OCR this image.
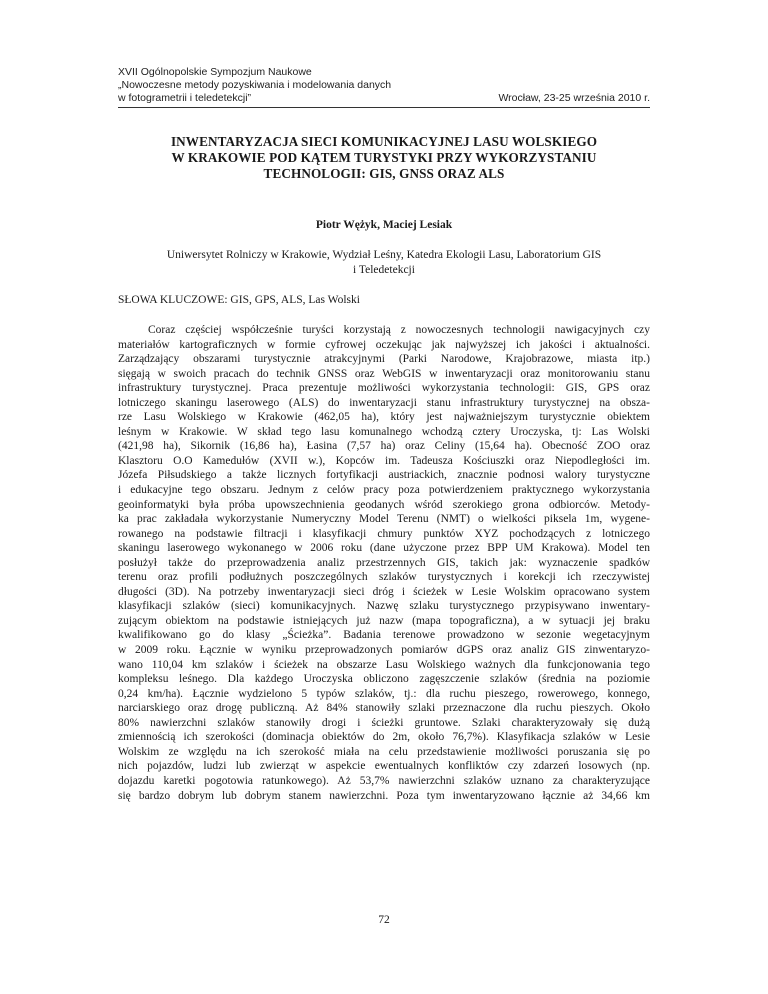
XVII Ogólnopolskie Sympozjum Naukowe
„Nowoczesne metody pozyskiwania i modelowania danych
w fotogrametrii i teledetekcji”	Wrocław, 23-25 września 2010 r.
INWENTARYZACJA SIECI KOMUNIKACYJNEJ LASU WOLSKIEGO
W KRAKOWIE POD KĄTEM TURYSTYKI PRZY WYKORZYSTANIU
TECHNOLOGII: GIS, GNSS ORAZ ALS
Piotr Wężyk, Maciej Lesiak
Uniwersytet Rolniczy w Krakowie, Wydział Leśny, Katedra Ekologii Lasu, Laboratorium GIS
i Teledetekcji
SŁOWA KLUCZOWE: GIS, GPS, ALS, Las Wolski
Coraz częściej współcześnie turyści korzystają z nowoczesnych technologii nawigacyjnych czy
materiałów kartograficznych w formie cyfrowej oczekując jak najwyższej ich jakości i aktualności.
Zarządzający obszarami turystycznie atrakcyjnymi (Parki Narodowe, Krajobrazowe, miasta itp.)
sięgają w swoich pracach do technik GNSS oraz WebGIS w inwentaryzacji oraz monitorowaniu stanu
infrastruktury turystycznej. Praca prezentuje możliwości wykorzystania technologii: GIS, GPS oraz
lotniczego skaningu laserowego (ALS) do inwentaryzacji stanu infrastruktury turystycznej na obsza-
rze Lasu Wolskiego w Krakowie (462,05 ha), który jest najważniejszym turystycznie obiektem
leśnym w Krakowie. W skład tego lasu komunalnego wchodzą cztery Uroczyska, tj: Las Wolski
(421,98 ha), Sikornik (16,86 ha), Łasina (7,57 ha) oraz Celiny (15,64 ha). Obecność ZOO oraz
Klasztoru O.O Kamedułów (XVII w.), Kopców im. Tadeusza Kościuszki oraz Niepodległości im.
Józefa Piłsudskiego a także licznych fortyfikacji austriackich, znacznie podnosi walory turystyczne
i edukacyjne tego obszaru. Jednym z celów pracy poza potwierdzeniem praktycznego wykorzystania
geoinformatyki była próba upowszechnienia geodanych wśród szerokiego grona odbiorców. Metody-
ka prac zakładała wykorzystanie Numeryczny Model Terenu (NMT) o wielkości piksela 1m, wygene-
rowanego na podstawie filtracji i klasyfikacji chmury punktów XYZ pochodzących z lotniczego
skaningu laserowego wykonanego w 2006 roku (dane użyczone przez BPP UM Krakowa). Model ten
posłużył także do przeprowadzenia analiz przestrzennych GIS, takich jak: wyznaczenie spadków
terenu oraz profili podłużnych poszczególnych szlaków turystycznych i korekcji ich rzeczywistej
długości (3D). Na potrzeby inwentaryzacji sieci dróg i ścieżek w Lesie Wolskim opracowano system
klasyfikacji szlaków (sieci) komunikacyjnych. Nazwę szlaku turystycznego przypisywano inwentary-
zującym obiektom na podstawie istniejących już nazw (mapa topograficzna), a w sytuacji jej braku
kwalifikowano go do klasy „Ścieżka”. Badania terenowe prowadzono w sezonie wegetacyjnym
w 2009 roku. Łącznie w wyniku przeprowadzonych pomiarów dGPS oraz analiz GIS zinwentaryzo-
wano 110,04 km szlaków i ścieżek na obszarze Lasu Wolskiego ważnych dla funkcjonowania tego
kompleksu leśnego. Dla każdego Uroczyska obliczono zagęszczenie szlaków (średnia na poziomie
0,24 km/ha). Łącznie wydzielono 5 typów szlaków, tj.: dla ruchu pieszego, rowerowego, konnego,
narciarskiego oraz drogę publiczną. Aż 84% stanowiły szlaki przeznaczone dla ruchu pieszych. Około
80% nawierzchni szlaków stanowiły drogi i ścieżki gruntowe. Szlaki charakteryzowały się dużą
zmiennością ich szerokości (dominacja obiektów do 2m, około 76,7%). Klasyfikacja szlaków w Lesie
Wolskim ze względu na ich szerokość miała na celu przedstawienie możliwości poruszania się po
nich pojazdów, ludzi lub zwierząt w aspekcie ewentualnych konfliktów czy zdarzeń losowych (np.
dojazdu karetki pogotowia ratunkowego). Aż 53,7% nawierzchni szlaków uznano za charakteryzujące
się bardzo dobrym lub dobrym stanem nawierzchni. Poza tym inwentaryzowano łącznie aż 34,66 km
72
